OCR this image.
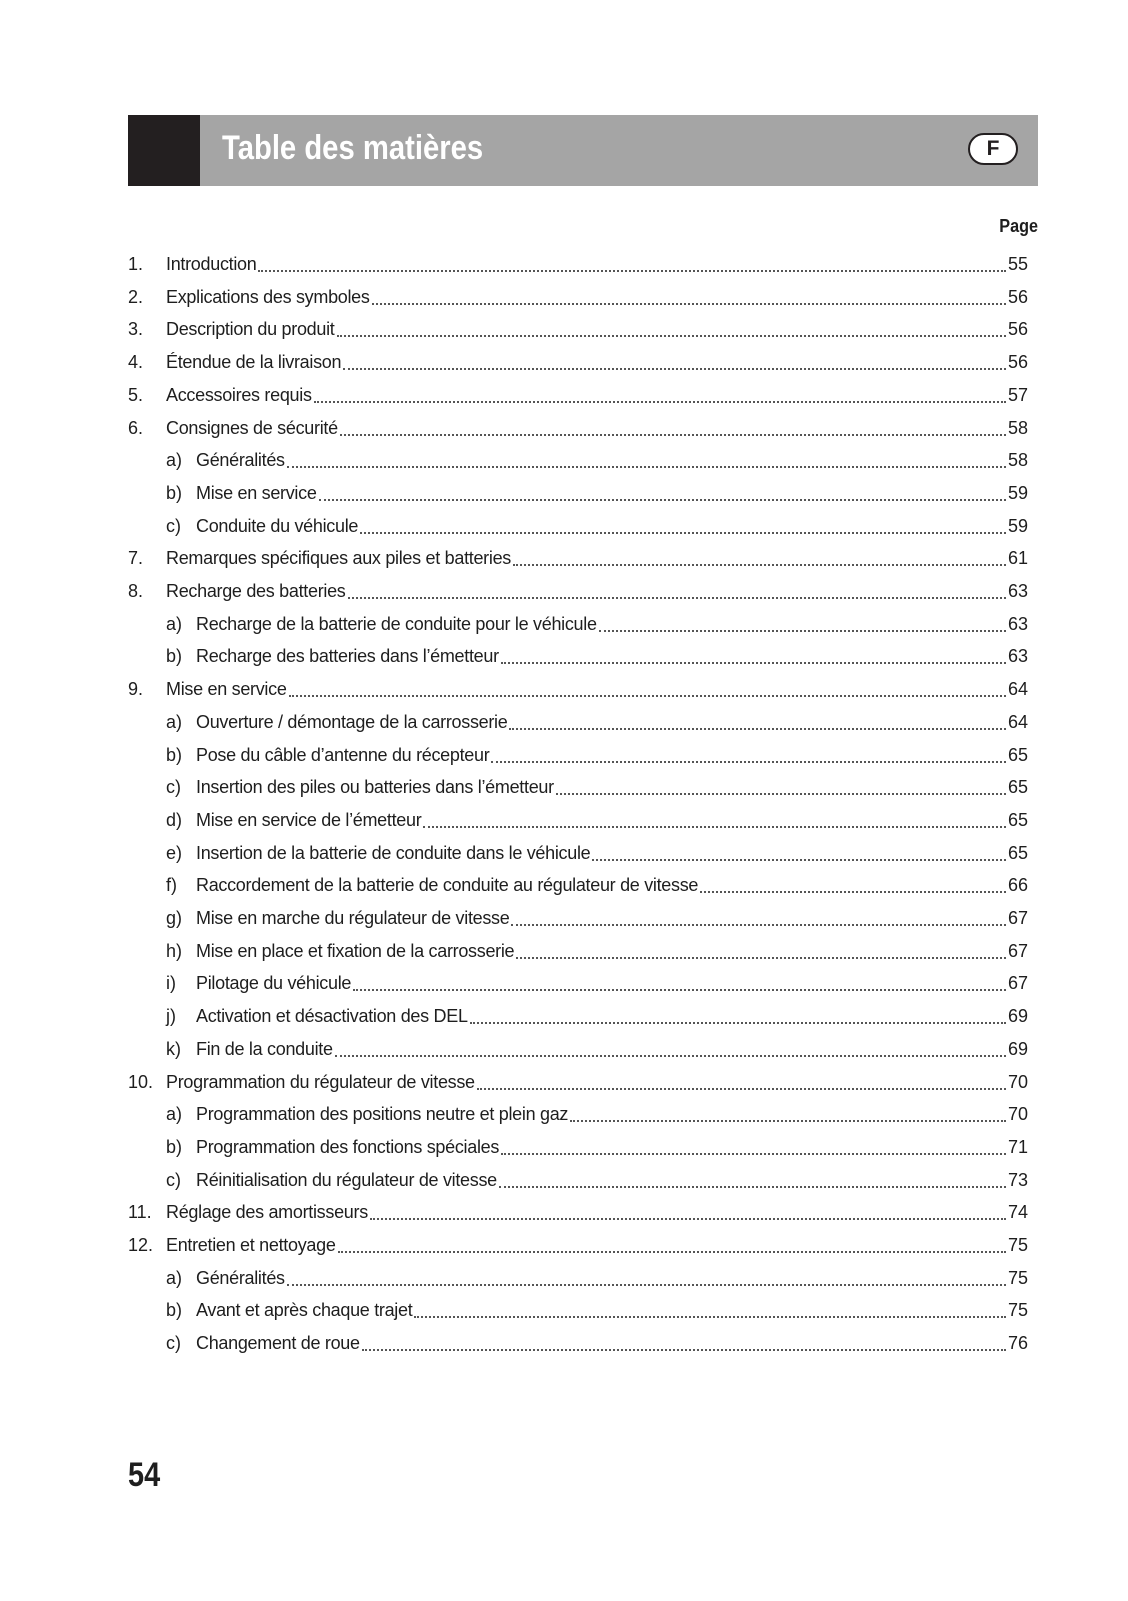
Table des matières	F
Page
1. Introduction	55
2. Explications des symboles	56
3. Description du produit	56
4. Étendue de la livraison	56
5. Accessoires requis	57
6. Consignes de sécurité	58
a) Généralités	58
b) Mise en service	59
c) Conduite du véhicule	59
7. Remarques spécifiques aux piles et batteries	61
8. Recharge des batteries	63
a) Recharge de la batterie de conduite pour le véhicule	63
b) Recharge des batteries dans l’émetteur	63
9. Mise en service	64
a) Ouverture / démontage de la carrosserie	64
b) Pose du câble d’antenne du récepteur	65
c) Insertion des piles ou batteries dans l’émetteur	65
d) Mise en service de l’émetteur	65
e) Insertion de la batterie de conduite dans le véhicule	65
f) Raccordement de la batterie de conduite au régulateur de vitesse	66
g) Mise en marche du régulateur de vitesse	67
h) Mise en place et fixation de la carrosserie	67
i) Pilotage du véhicule	67
j) Activation et désactivation des DEL	69
k) Fin de la conduite	69
10. Programmation du régulateur de vitesse	70
a) Programmation des positions neutre et plein gaz	70
b) Programmation des fonctions spéciales	71
c) Réinitialisation du régulateur de vitesse	73
11. Réglage des amortisseurs	74
12. Entretien et nettoyage	75
a) Généralités	75
b) Avant et après chaque trajet	75
c) Changement de roue	76
54
